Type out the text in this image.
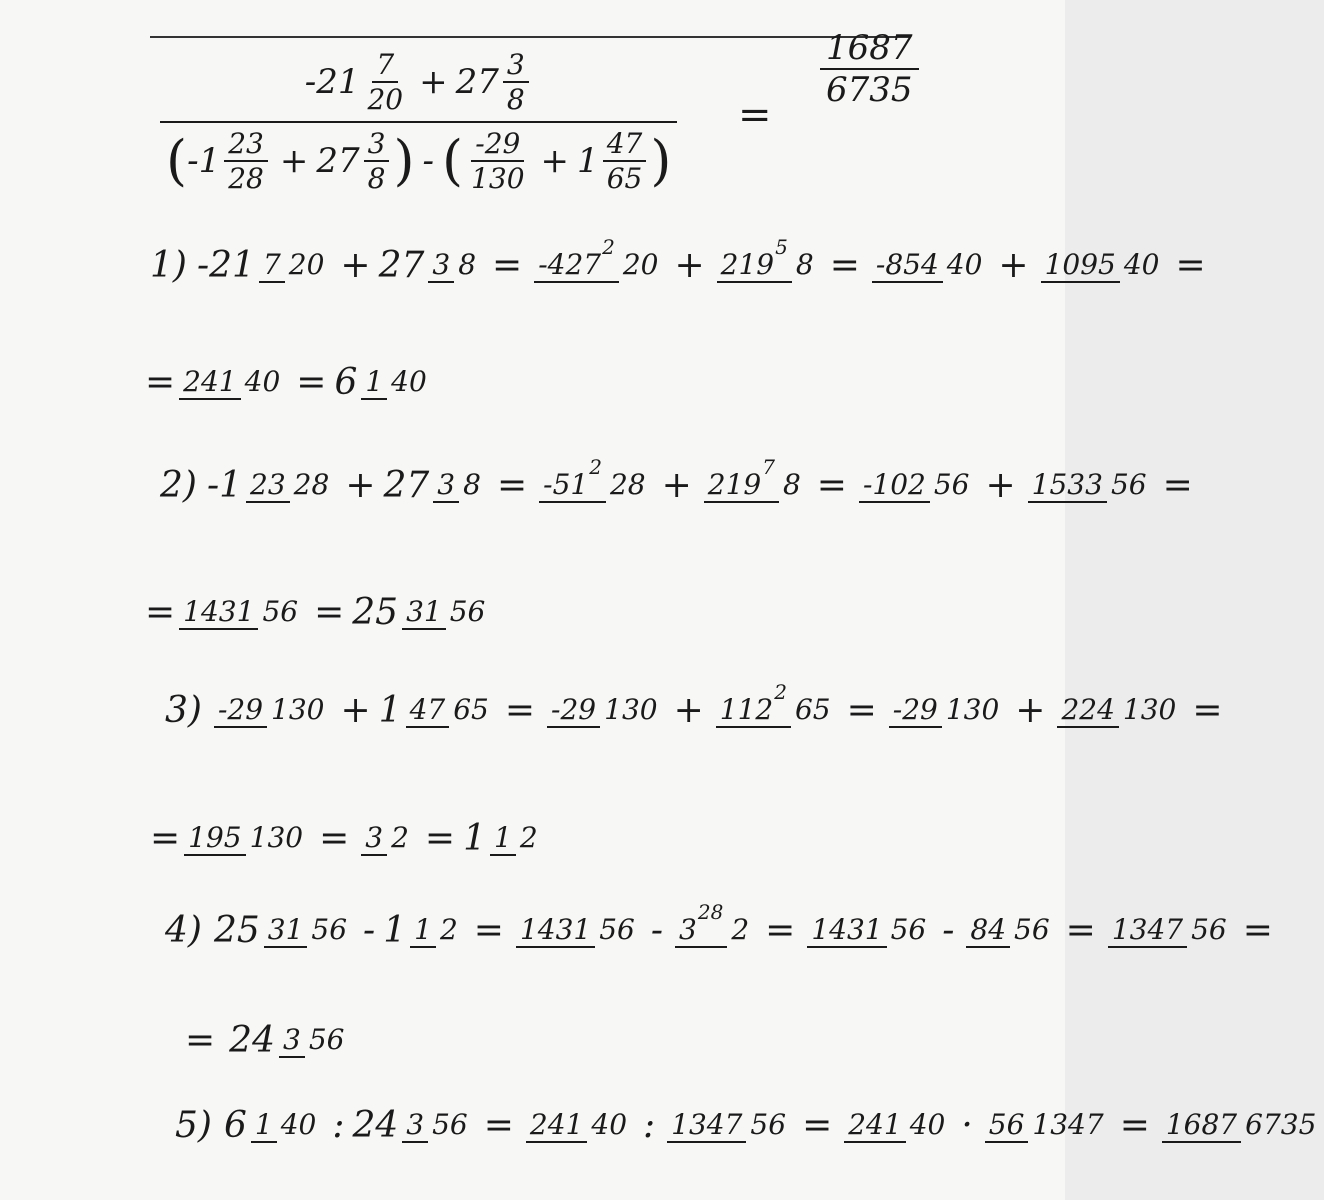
$-21 \frac{7}{20} + 27 \frac{3}{8}$
( $-1 \frac{23}{28} + 27 \frac{3}{8}$ ) - ( $\frac{-29}{130} + 1 \frac{47}{65}$ )
=
1687
6735
1) -21 7 20 + 27 3 8 = -427220 + 21958 = -854 40 + 1095 40 =
= 241 40 = 6 1 40
2) -1 23 28 + 27 3 8 = -51228 + 21978 = -102 56 + 1533 56 =
= 1431 56 = 25 31 56
3) -29 130 + 1 47 65 = -29 130 + 112265 = -29 130 + 224 130 =
= 195 130 = 3 2 = 1 1 2
4) 25 31 56 - 1 1 2 = 1431 56 - 3282 = 1431 56 - 84 56 = 1347 56 =
= 24 3 56
5) 6 1 40 : 24 3 56 = 241 40 : 1347 56 = 241 40 · 56 1347 = 1687 6735
